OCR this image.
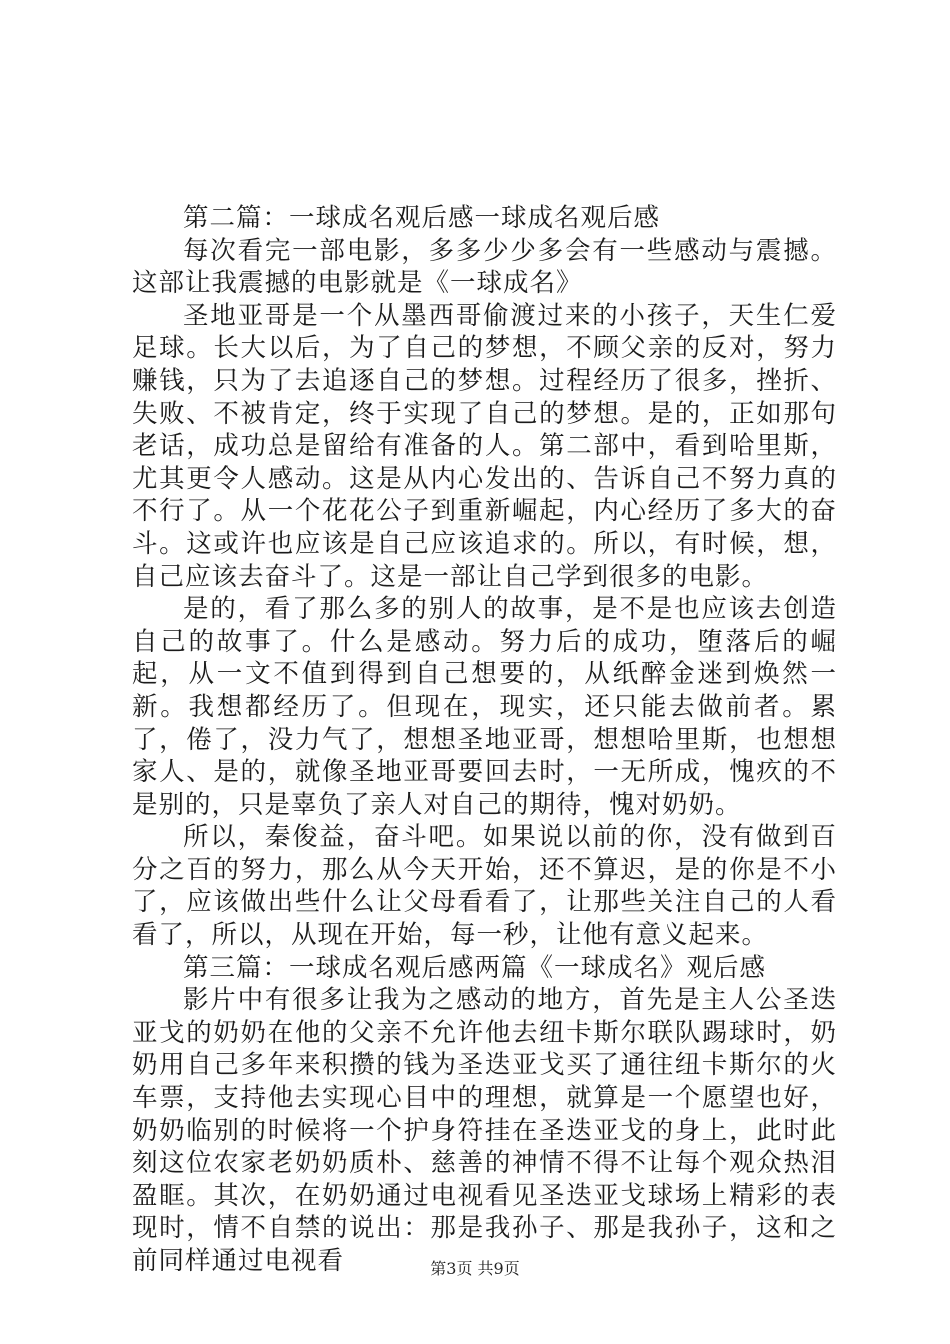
第二篇：一球成名观后感一球成名观后感

每次看完一部电影，多多少少多会有一些感动与震撼。这部让我震撼的电影就是《一球成名》

圣地亚哥是一个从墨西哥偷渡过来的小孩子，天生仁爱足球。长大以后，为了自己的梦想，不顾父亲的反对，努力赚钱，只为了去追逐自己的梦想。过程经历了很多，挫折、失败、不被肯定，终于实现了自己的梦想。是的，正如那句老话，成功总是留给有准备的人。第二部中，看到哈里斯，尤其更令人感动。这是从内心发出的、告诉自己不努力真的不行了。从一个花花公子到重新崛起，内心经历了多大的奋斗。这或许也应该是自己应该追求的。所以，有时候，想，自己应该去奋斗了。这是一部让自己学到很多的电影。

是的，看了那么多的别人的故事，是不是也应该去创造自己的故事了。什么是感动。努力后的成功，堕落后的崛起，从一文不值到得到自己想要的，从纸醉金迷到焕然一新。我想都经历了。但现在，现实，还只能去做前者。累了，倦了，没力气了，想想圣地亚哥，想想哈里斯，也想想家人、是的，就像圣地亚哥要回去时，一无所成，愧疚的不是别的，只是辜负了亲人对自己的期待，愧对奶奶。

所以，秦俊益，奋斗吧。如果说以前的你，没有做到百分之百的努力，那么从今天开始，还不算迟，是的你是不小了，应该做出些什么让父母看看了，让那些关注自己的人看看了，所以，从现在开始，每一秒，让他有意义起来。

第三篇：一球成名观后感两篇《一球成名》观后感

影片中有很多让我为之感动的地方，首先是主人公圣迭亚戈的奶奶在他的父亲不允许他去纽卡斯尔联队踢球时，奶奶用自己多年来积攒的钱为圣迭亚戈买了通往纽卡斯尔的火车票，支持他去实现心目中的理想，就算是一个愿望也好，奶奶临别的时候将一个护身符挂在圣迭亚戈的身上，此时此刻这位农家老奶奶质朴、慈善的神情不得不让每个观众热泪盈眶。其次，在奶奶通过电视看见圣迭亚戈球场上精彩的表现时，情不自禁的说出：那是我孙子、那是我孙子，这和之前同样通过电视看	第3页 共9页
